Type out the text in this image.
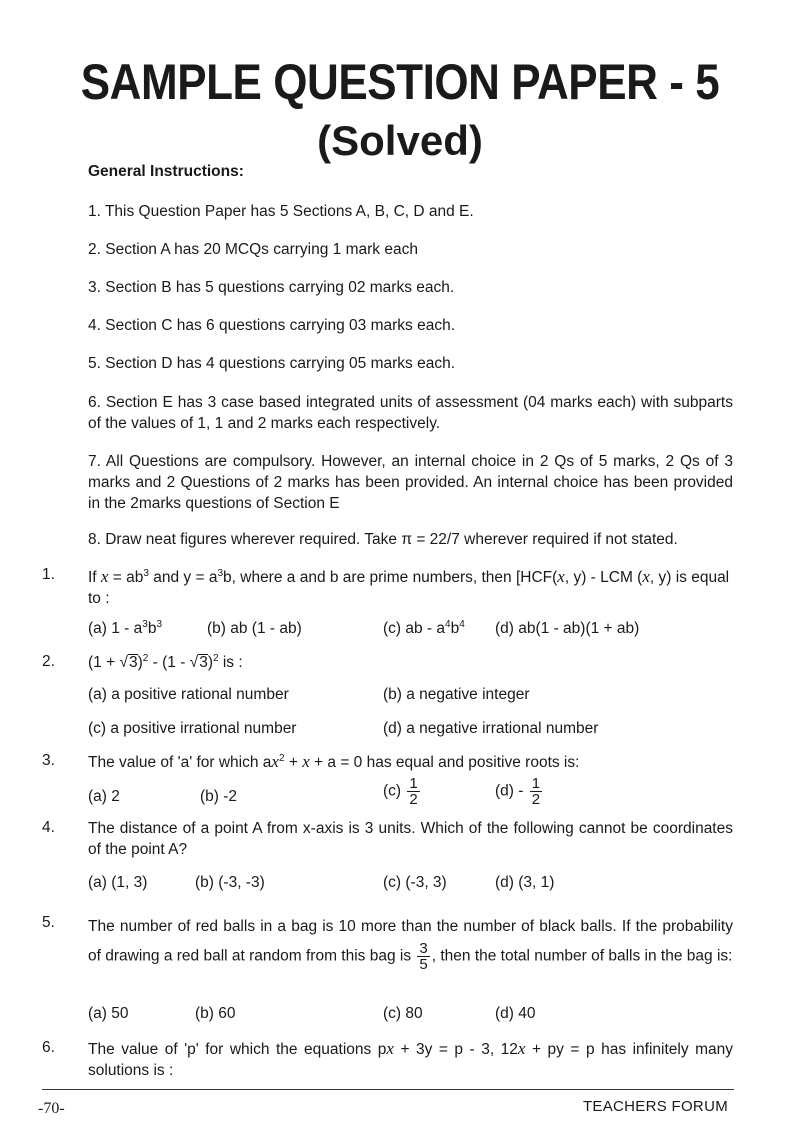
SAMPLE QUESTION PAPER - 5
(Solved)
General Instructions:
1. This Question Paper has 5 Sections A, B, C, D and E.
2. Section A has 20 MCQs carrying 1 mark each
3. Section B has 5 questions carrying 02 marks each.
4. Section C has 6 questions carrying 03 marks each.
5. Section D has 4 questions carrying 05 marks each.
6. Section E has 3 case based integrated units of assessment (04 marks each) with subparts of the values of 1, 1 and 2 marks each respectively.
7. All Questions are compulsory. However, an internal choice in 2 Qs of 5 marks, 2 Qs of 3 marks and 2 Questions of 2 marks has been provided. An internal choice has been provided in the 2marks questions of Section E
8. Draw neat figures wherever required. Take π = 22/7 wherever required if not stated.
1. If $x = ab^3$ and $y = a^3b$, where a and b are prime numbers, then [HCF(x, y) - LCM (x, y) is equal to :
(a) $1 - a^3b^3$	(b) ab (1 - ab)	(c) ab - $a^4b^4$ (d) ab(1 - ab)(1 + ab)
2. $(1 + √3)^2 - (1 - √3)^2$ is :
(a) a positive rational number	(b) a negative integer
(c) a positive irrational number	(d) a negative irrational number
3. The value of 'a' for which $ax^2 + x + a = 0$ has equal and positive roots is:
(a) 2	(b) -2	$(c) \frac{1}{2}$	$(d) - \frac{1}{2}$
4. The distance of a point A from x-axis is 3 units. Which of the following cannot be coordinates of the point A?
(a) (1, 3)	(b) (-3, -3)	(c) (-3, 3)	(d) (3, 1)
5. The number of red balls in a bag is 10 more than the number of black balls. If the probability of drawing a red ball at random from this bag is $\frac{3}{5}$ , then the total number of balls in the bag is:
(a) 50	(b) 60	(c) 80	(d) 40
6. The value of 'p' for which the equations px + 3y = p - 3, 12x + py = p has infinitely many solutions is :
-70-	TEACHERS FORUM
